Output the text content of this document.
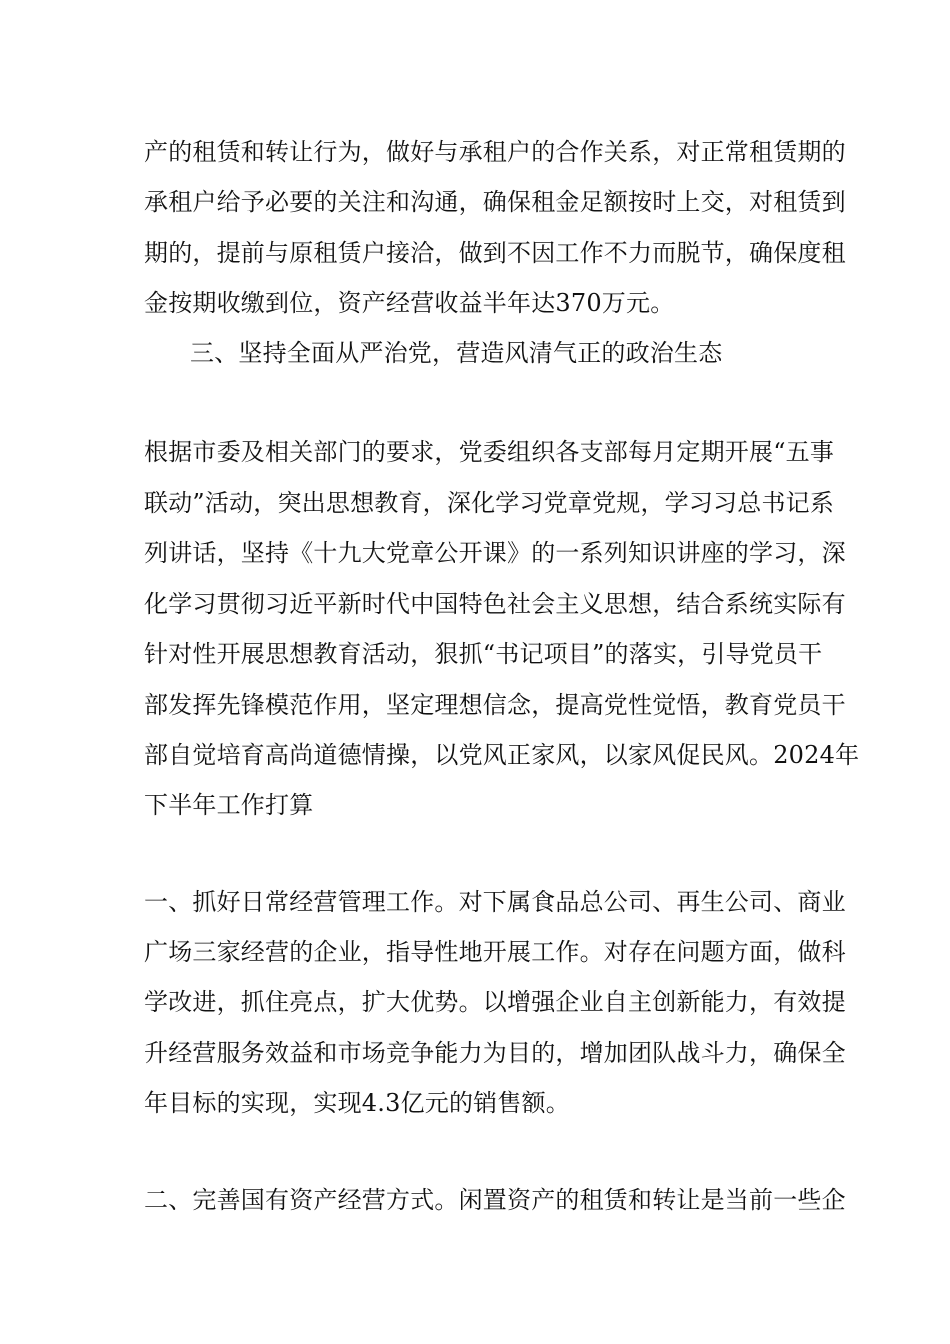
产的租赁和转让行为，做好与承租户的合作关系，对正常租赁期的
承租户给予必要的关注和沟通，确保租金足额按时上交，对租赁到
期的，提前与原租赁户接洽，做到不因工作不力而脱节，确保度租
金按期收缴到位，资产经营收益半年达370万元。
三、坚持全面从严治党，营造风清气正的政治生态
根据市委及相关部门的要求，党委组织各支部每月定期开展“五事
联动”活动，突出思想教育，深化学习党章党规，学习习总书记系
列讲话，坚持《十九大党章公开课》的一系列知识讲座的学习，深
化学习贯彻习近平新时代中国特色社会主义思想，结合系统实际有
针对性开展思想教育活动，狠抓“书记项目”的落实，引导党员干
部发挥先锋模范作用，坚定理想信念，提高党性觉悟，教育党员干
部自觉培育高尚道德情操，以党风正家风，以家风促民风。2024年
下半年工作打算
一、抓好日常经营管理工作。对下属食品总公司、再生公司、商业
广场三家经营的企业，指导性地开展工作。对存在问题方面，做科
学改进，抓住亮点，扩大优势。以增强企业自主创新能力，有效提
升经营服务效益和市场竞争能力为目的，增加团队战斗力，确保全
年目标的实现，实现4.3亿元的销售额。
二、完善国有资产经营方式。闲置资产的租赁和转让是当前一些企
